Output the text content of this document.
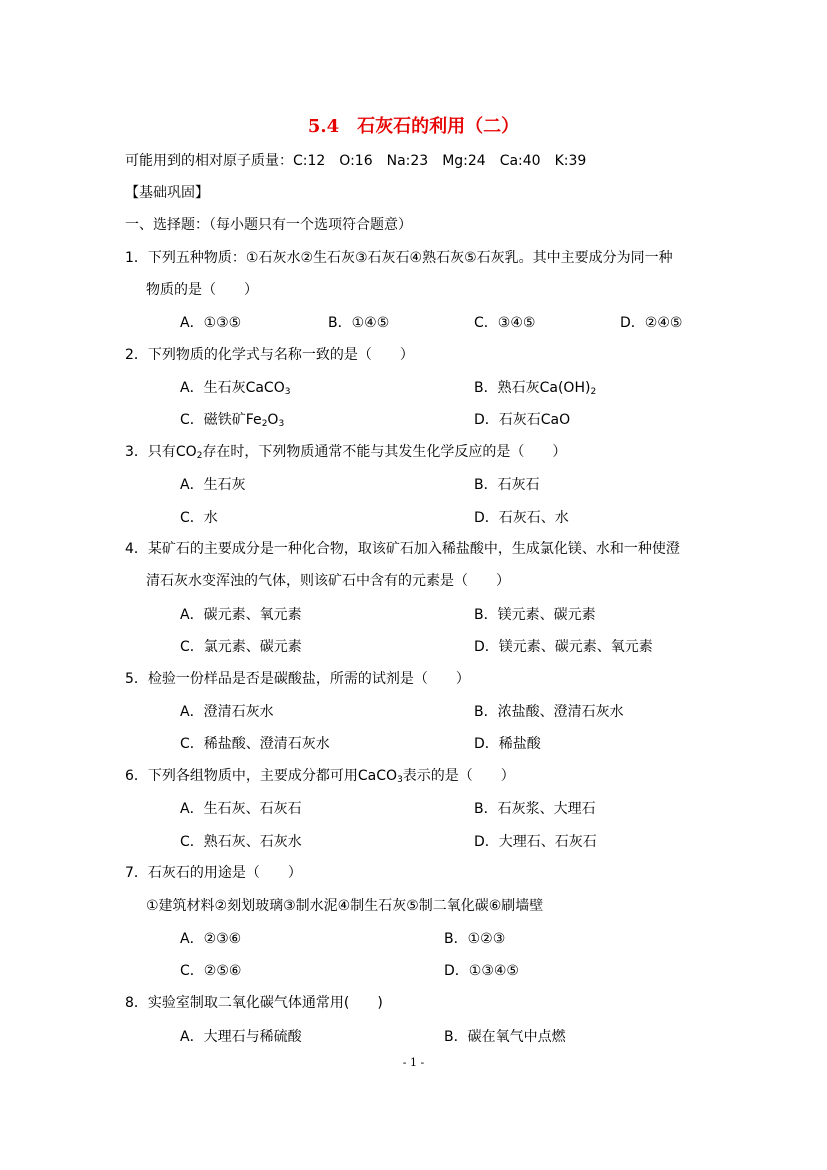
5.4　石灰石的利用（二）
可能用到的相对原子质量：C:12　O:16　Na:23　Mg:24　Ca:40　K:39
【基础巩固】
一、选择题：（每小题只有一个选项符合题意）
1．下列五种物质：①石灰水②生石灰③石灰石④熟石灰⑤石灰乳。其中主要成分为同一种
物质的是（　　）
A．①③⑤	B．①④⑤	C．③④⑤	D．②④⑤
2．下列物质的化学式与名称一致的是（　　）
A．生石灰CaCO$_3$	B．熟石灰$Ca(OH)_2$
C．磁铁矿$Fe_2O_3$	D．石灰石CaO
3．只有$CO_2$存在时，下列物质通常不能与其发生化学反应的是（　　）
A．生石灰	B．石灰石
C．水	D．石灰石、水
4．某矿石的主要成分是一种化合物，取该矿石加入稀盐酸中，生成氯化镁、水和一种使澄
清石灰水变浑浊的气体，则该矿石中含有的元素是（　　）
A．碳元素、氧元素	B．镁元素、碳元素
C．氯元素、碳元素	D．镁元素、碳元素、氧元素
5．检验一份样品是否是碳酸盐，所需的试剂是（　　）
A．澄清石灰水	B．浓盐酸、澄清石灰水
C．稀盐酸、澄清石灰水	D．稀盐酸
6．下列各组物质中，主要成分都可用CaCO$_3$表示的是（　　）
A．生石灰、石灰石	B．石灰浆、大理石
C．熟石灰、石灰水	D．大理石、石灰石
7．石灰石的用途是（　　）
①建筑材料②刻划玻璃③制水泥④制生石灰⑤制二氧化碳⑥刷墙壁
A．②③⑥	B．①②③
C．②⑤⑥	D．①③④⑤
8．实验室制取二氧化碳气体通常用(　　)
A．大理石与稀硫酸	B．碳在氧气中点燃
- 1 -
